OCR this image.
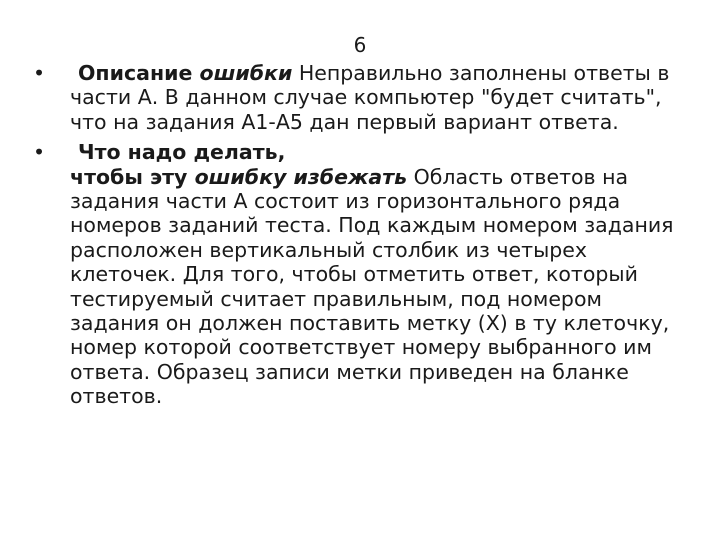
6
• Описание ошибки Неправильно заполнены ответы в части А. В данном случае компьютер "будет считать", что на задания А1-А5 дан первый вариант ответа.
• Что надо делать,
чтобы эту ошибку избежать Область ответов на задания части А состоит из горизонтального ряда номеров заданий теста. Под каждым номером задания расположен вертикальный столбик из четырех клеточек. Для того, чтобы отметить ответ, который тестируемый считает правильным, под номером задания он должен поставить метку (Х) в ту клеточку, номер которой соответствует номеру выбранного им ответа. Образец записи метки приведен на бланке ответов.
